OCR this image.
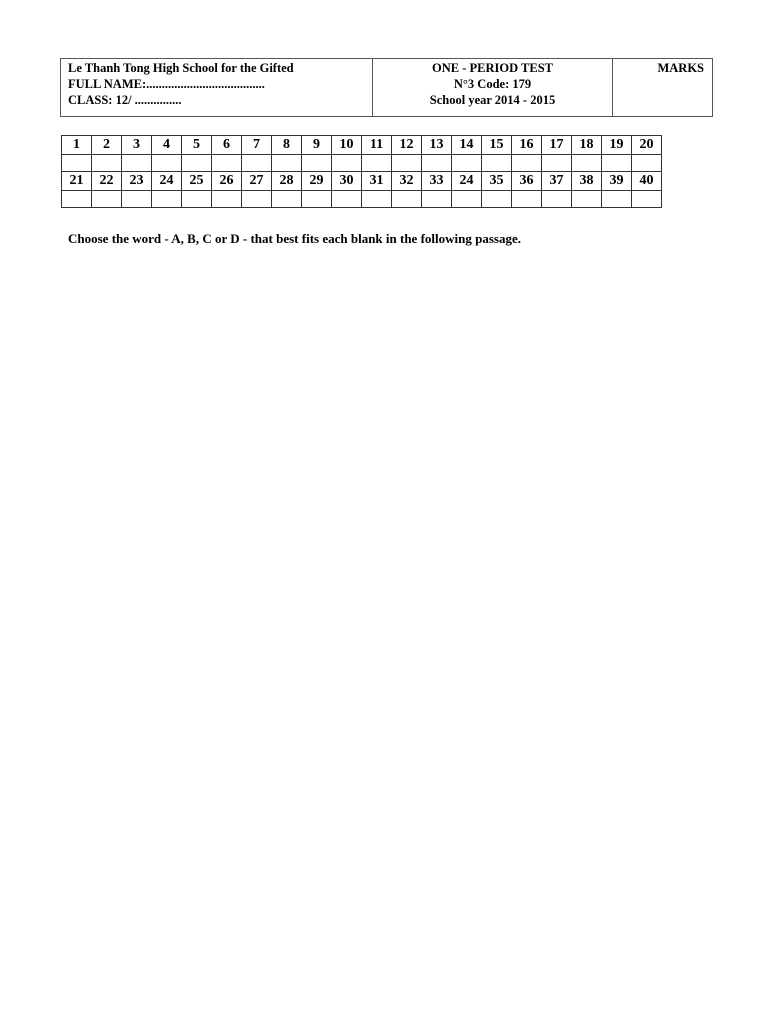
Le Thanh Tong High School for the Gifted
FULL NAME:......................................
CLASS: 12/ ...............
ONE - PERIOD TEST
N°3 Code: 179
School year 2014 - 2015
MARKS
1	2	3	4	5	6	7	8	9	10	11	12	13	14	15	16	17	18	19	20

21	22	23	24	25	26	27	28	29	30	31	32	33	24	35	36	37	38	39	40

Choose the word - A, B, C or D - that best fits each blank in the following passage.
